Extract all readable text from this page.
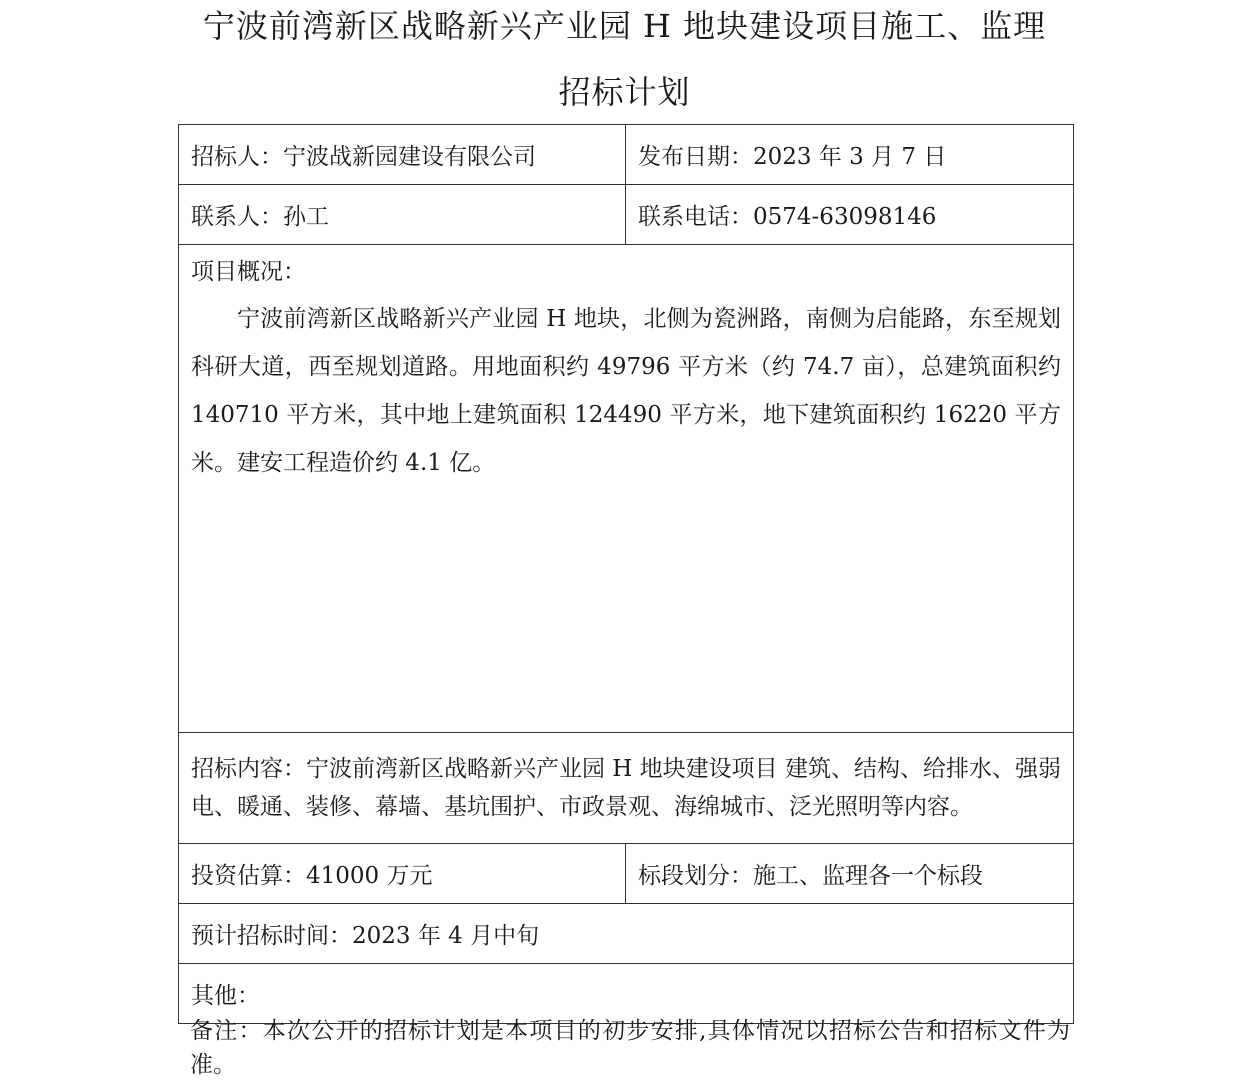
宁波前湾新区战略新兴产业园 H 地块建设项目施工、监理
招标计划
招标人：宁波战新园建设有限公司	发布日期：2023 年 3 月 7 日
联系人：孙工	联系电话：0574-63098146

项目概况：
宁波前湾新区战略新兴产业园 H 地块，北侧为瓷洲路，南侧为启能路，东至规划科研大道，西至规划道路。用地面积约 49796 平方米（约 74.7 亩），总建筑面积约 140710 平方米，其中地上建筑面积 124490 平方米，地下建筑面积约 16220 平方米。建安工程造价约 4.1 亿。	

招标内容：宁波前湾新区战略新兴产业园 H 地块建设项目 建筑、结构、给排水、强弱电、暖通、装修、幕墙、基坑围护、市政景观、海绵城市、泛光照明等内容。	
投资估算：41000 万元	标段划分：施工、监理各一个标段
预计招标时间：2023 年 4 月中旬	
其他：	
备注：本次公开的招标计划是本项目的初步安排,具体情况以招标公告和招标文件为准。
